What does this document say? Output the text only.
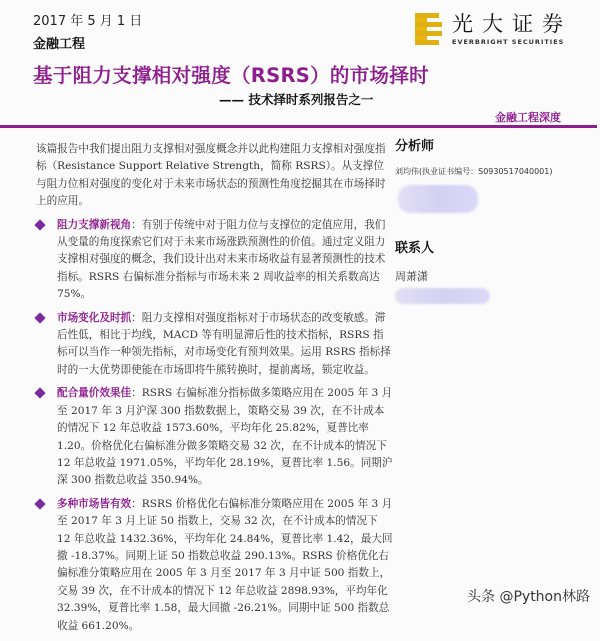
2017 年 5 月 1 日
金融工程
光大证券
EVERBRIGHT SECURITIES
基于阻力支撑相对强度（RSRS）的市场择时
—— 技术择时系列报告之一
金融工程深度

该篇报告中我们提出阻力支撑相对强度概念并以此构建阻力支撑相对强度指标（Resistance Support Relative Strength，简称 RSRS）。从支撑位与阻力位相对强度的变化对于未来市场状态的预测性角度挖掘其在市场择时上的应用。

阻力支撑新视角：有别于传统中对于阻力位与支撑位的定值应用，我们从变量的角度探索它们对于未来市场涨跌预测性的价值。通过定义阻力支撑相对强度的概念，我们设计出对未来市场收益有显著预测性的技术指标。RSRS 右偏标准分指标与市场未来 2 周收益率的相关系数高达 75%。
市场变化及时抓：阻力支撑相对强度指标对于市场状态的改变敏感。滞后性低，相比于均线，MACD 等有明显滞后性的技术指标，RSRS 指标可以当作一种领先指标，对市场变化有预判效果。运用 RSRS 指标择时的一大优势即使能在市场即将牛熊转换时，提前离场，锁定收益。
配合量价效果佳：RSRS 右偏标准分指标做多策略应用在 2005 年 3 月至 2017 年 3 月沪深 300 指数数据上，策略交易 39 次，在不计成本的情况下 12 年总收益 1573.60%，平均年化 25.82%，夏普比率 1.20。价格优化右偏标准分做多策略交易 32 次，在不计成本的情况下 12 年总收益 1971.05%，平均年化 28.19%，夏普比率 1.56。同期沪深 300 指数总收益 350.94%。
多种市场皆有效：RSRS 价格优化右偏标准分策略应用在 2005 年 3 月至 2017 年 3 月上证 50 指数上，交易 32 次，在不计成本的情况下 12 年总收益 1432.36%，平均年化 24.84%，夏普比率 1.42，最大回撤 -18.37%。同期上证 50 指数总收益 290.13%。RSRS 价格优化右偏标准分策略应用在 2005 年 3 月至 2017 年 3 月中证 500 指数上，交易 39 次，在不计成本的情况下 12 年总收益 2898.93%，平均年化 32.39%，夏普比率 1.58，最大回撤 -26.21%。同期中证 500 指数总收益 661.20%。
分析师
刘均伟(执业证书编号：S0930517040001)
联系人
周萧潇
头条 @Python林路
